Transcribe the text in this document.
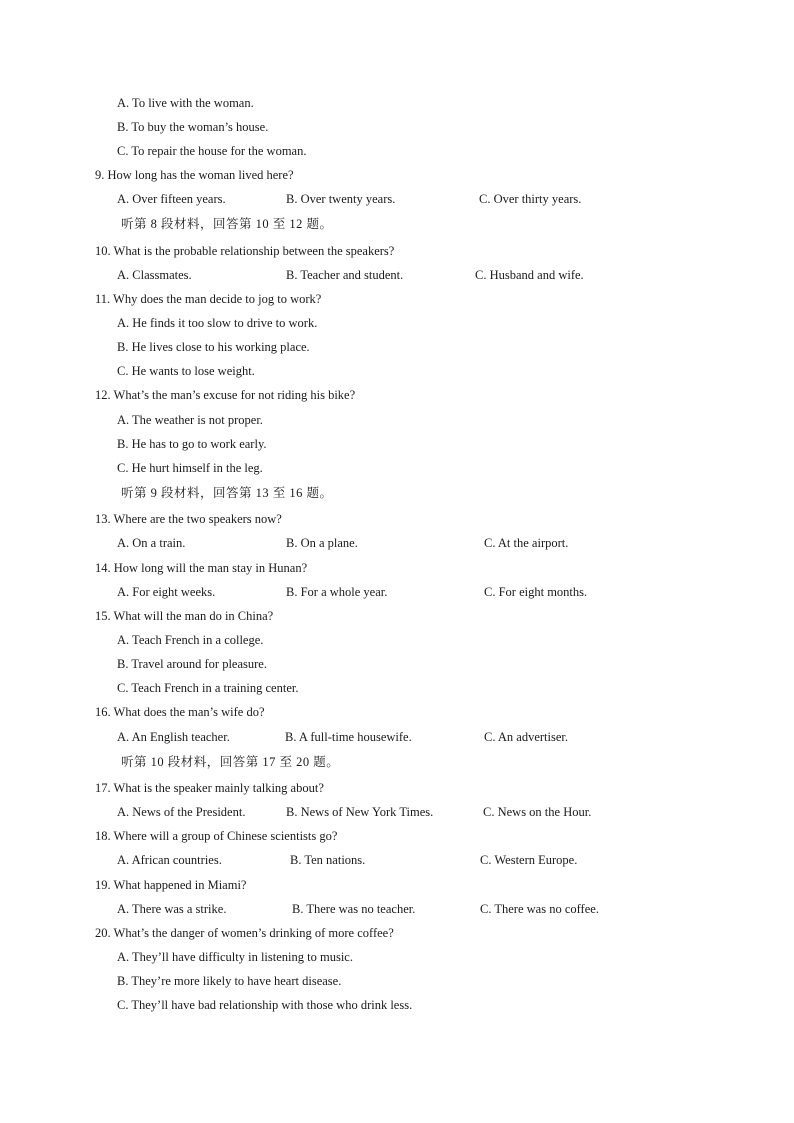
A. To live with the woman.
B. To buy the woman’s house.
C. To repair the house for the woman.
9. How long has the woman lived here?
A. Over fifteen years.	B. Over twenty years.	C. Over thirty years.
听第 8 段材料，回答第 10 至 12 题。
10. What is the probable relationship between the speakers?
A. Classmates.	B. Teacher and student.	C. Husband and wife.
11. Why does the man decide to jog to work?
A. He finds it too slow to drive to work.
B. He lives close to his working place.
C. He wants to lose weight.
12. What’s the man’s excuse for not riding his bike?
A. The weather is not proper.
B. He has to go to work early.
C. He hurt himself in the leg.
听第 9 段材料，回答第 13 至 16 题。
13. Where are the two speakers now?
A. On a train.	B. On a plane.	C. At the airport.
14. How long will the man stay in Hunan?
A. For eight weeks.	B. For a whole year.	C. For eight months.
15. What will the man do in China?
A. Teach French in a college.
B. Travel around for pleasure.
C. Teach French in a training center.
16. What does the man’s wife do?
A. An English teacher.	B. A full-time housewife.	C. An advertiser.
听第 10 段材料，回答第 17 至 20 题。
17. What is the speaker mainly talking about?
A. News of the President.	B. News of New York Times.	C. News on the Hour.
18. Where will a group of Chinese scientists go?
A. African countries.	B. Ten nations.	C. Western Europe.
19. What happened in Miami?
A. There was a strike.	B. There was no teacher.	C. There was no coffee.
20. What’s the danger of women’s drinking of more coffee?
A. They’ll have difficulty in listening to music.
B. They’re more likely to have heart disease.
C. They’ll have bad relationship with those who drink less.
